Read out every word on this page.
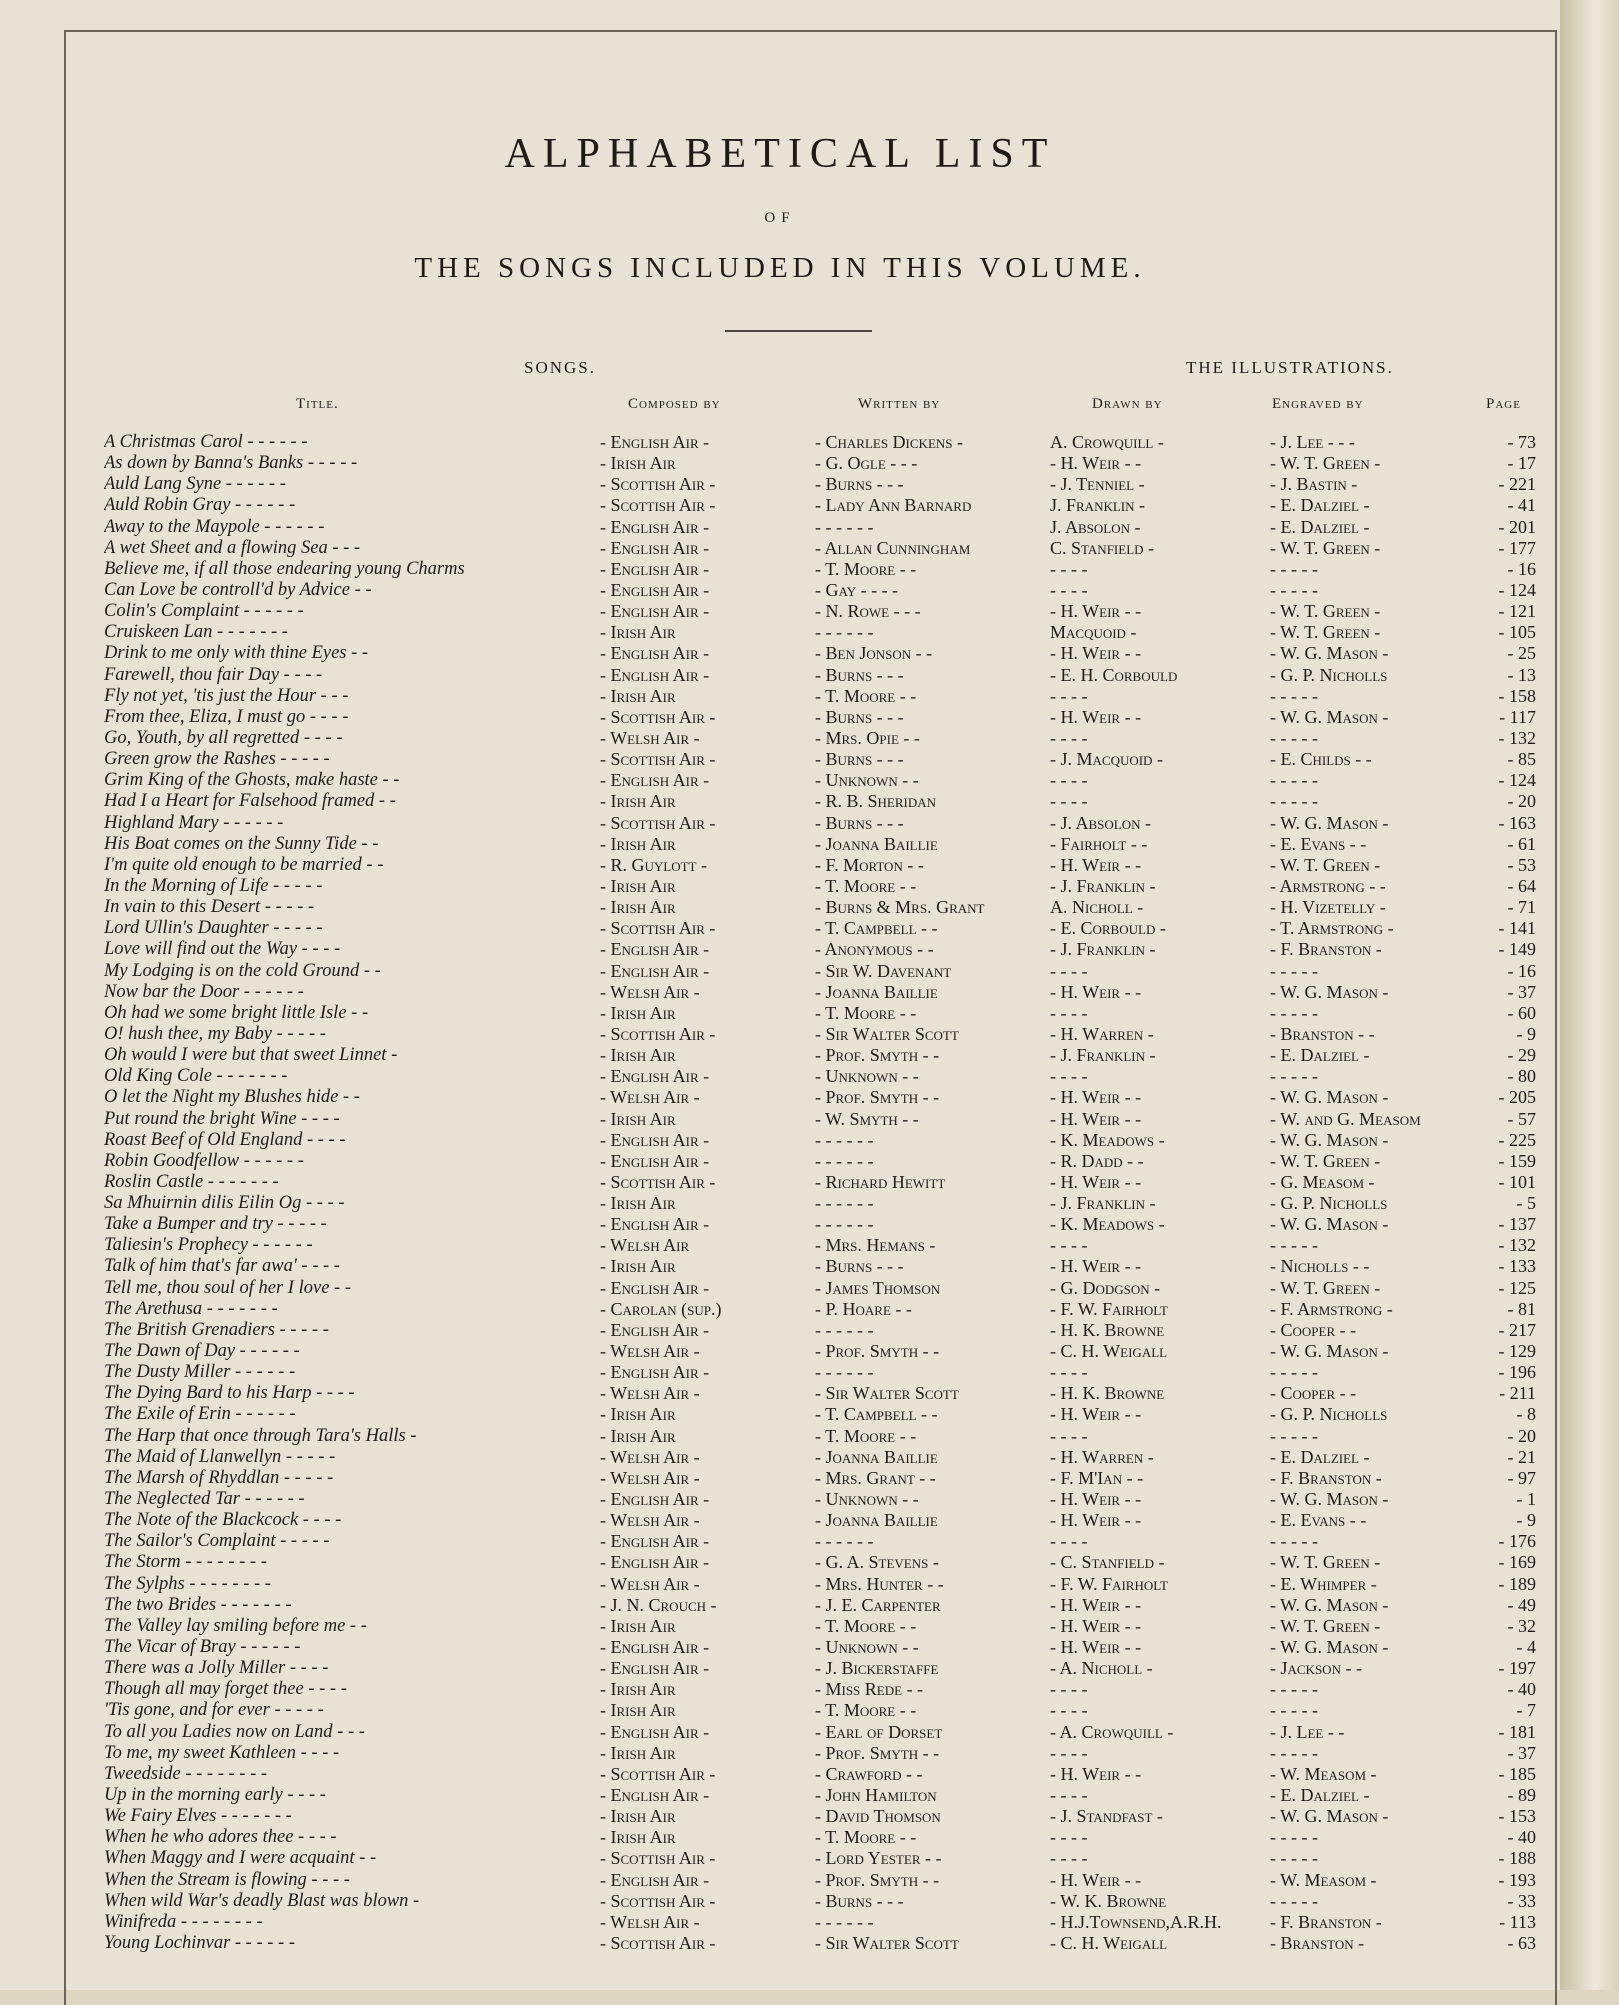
ALPHABETICAL LIST
OF
THE SONGS INCLUDED IN THIS VOLUME.
SONGS.	THE ILLUSTRATIONS.
Title.	Composed by	Written by	Drawn by	Engraved by	Page
A Christmas Carol - - - - - -	- English Air -	- Charles Dickens -	A. Crowquill -	- J. Lee - - -	- 73
As down by Banna's Banks - - - - -	- Irish Air	- G. Ogle - - -	- H. Weir - -	- W. T. Green -	- 17
Auld Lang Syne - - - - - -	- Scottish Air -	- Burns - - -	- J. Tenniel -	- J. Bastin -	- 221
Auld Robin Gray - - - - - -	- Scottish Air -	- Lady Ann Barnard	J. Franklin -	- E. Dalziel -	- 41
Away to the Maypole - - - - - -	- English Air -	- - - - - -	J. Absolon -	- E. Dalziel -	- 201
A wet Sheet and a flowing Sea - - -	- English Air -	- Allan Cunningham	C. Stanfield -	- W. T. Green -	- 177
Believe me, if all those endearing young Charms	- English Air -	- T. Moore - -	- - - -	- - - - -	- 16
Can Love be controll'd by Advice - -	- English Air -	- Gay - - - -	- - - -	- - - - -	- 124
Colin's Complaint - - - - - -	- English Air -	- N. Rowe - - -	- H. Weir - -	- W. T. Green -	- 121
Cruiskeen Lan - - - - - - -	- Irish Air	- - - - - -	Macquoid -	- W. T. Green -	- 105
Drink to me only with thine Eyes - -	- English Air -	- Ben Jonson - -	- H. Weir - -	- W. G. Mason -	- 25
Farewell, thou fair Day - - - -	- English Air -	- Burns - - -	- E. H. Corbould	- G. P. Nicholls	- 13
Fly not yet, 'tis just the Hour - - -	- Irish Air	- T. Moore - -	- - - -	- - - - -	- 158
From thee, Eliza, I must go - - - -	- Scottish Air -	- Burns - - -	- H. Weir - -	- W. G. Mason -	- 117
Go, Youth, by all regretted - - - -	- Welsh Air -	- Mrs. Opie - -	- - - -	- - - - -	- 132
Green grow the Rashes - - - - -	- Scottish Air -	- Burns - - -	- J. Macquoid -	- E. Childs - -	- 85
Grim King of the Ghosts, make haste - -	- English Air -	- Unknown - -	- - - -	- - - - -	- 124
Had I a Heart for Falsehood framed - -	- Irish Air	- R. B. Sheridan	- - - -	- - - - -	- 20
Highland Mary - - - - - -	- Scottish Air -	- Burns - - -	- J. Absolon -	- W. G. Mason -	- 163
His Boat comes on the Sunny Tide - -	- Irish Air	- Joanna Baillie	- Fairholt - -	- E. Evans - -	- 61
I'm quite old enough to be married - -	- R. Guylott -	- F. Morton - -	- H. Weir - -	- W. T. Green -	- 53
In the Morning of Life - - - - -	- Irish Air	- T. Moore - -	- J. Franklin -	- Armstrong - -	- 64
In vain to this Desert - - - - -	- Irish Air	- Burns & Mrs. Grant	A. Nicholl -	- H. Vizetelly -	- 71
Lord Ullin's Daughter - - - - -	- Scottish Air -	- T. Campbell - -	- E. Corbould -	- T. Armstrong -	- 141
Love will find out the Way - - - -	- English Air -	- Anonymous - -	- J. Franklin -	- F. Branston -	- 149
My Lodging is on the cold Ground - -	- English Air -	- Sir W. Davenant	- - - -	- - - - -	- 16
Now bar the Door - - - - - -	- Welsh Air -	- Joanna Baillie	- H. Weir - -	- W. G. Mason -	- 37
Oh had we some bright little Isle - -	- Irish Air	- T. Moore - -	- - - -	- - - - -	- 60
O! hush thee, my Baby - - - - -	- Scottish Air -	- Sir Walter Scott	- H. Warren -	- Branston - -	- 9
Oh would I were but that sweet Linnet -	- Irish Air	- Prof. Smyth - -	- J. Franklin -	- E. Dalziel -	- 29
Old King Cole - - - - - - -	- English Air -	- Unknown - -	- - - -	- - - - -	- 80
O let the Night my Blushes hide - -	- Welsh Air -	- Prof. Smyth - -	- H. Weir - -	- W. G. Mason -	- 205
Put round the bright Wine - - - -	- Irish Air	- W. Smyth - -	- H. Weir - -	- W. and G. Measom	- 57
Roast Beef of Old England - - - -	- English Air -	- - - - - -	- K. Meadows -	- W. G. Mason -	- 225
Robin Goodfellow - - - - - -	- English Air -	- - - - - -	- R. Dadd - -	- W. T. Green -	- 159
Roslin Castle - - - - - - -	- Scottish Air -	- Richard Hewitt	- H. Weir - -	- G. Measom -	- 101
Sa Mhuirnin dilis Eilin Og - - - -	- Irish Air	- - - - - -	- J. Franklin -	- G. P. Nicholls	- 5
Take a Bumper and try - - - - -	- English Air -	- - - - - -	- K. Meadows -	- W. G. Mason -	- 137
Taliesin's Prophecy - - - - - -	- Welsh Air	- Mrs. Hemans -	- - - -	- - - - -	- 132
Talk of him that's far awa' - - - -	- Irish Air	- Burns - - -	- H. Weir - -	- Nicholls - -	- 133
Tell me, thou soul of her I love - -	- English Air -	- James Thomson	- G. Dodgson -	- W. T. Green -	- 125
The Arethusa - - - - - - -	- Carolan (sup.)	- P. Hoare - -	- F. W. Fairholt	- F. Armstrong -	- 81
The British Grenadiers - - - - -	- English Air -	- - - - - -	- H. K. Browne	- Cooper - -	- 217
The Dawn of Day - - - - - -	- Welsh Air -	- Prof. Smyth - -	- C. H. Weigall	- W. G. Mason -	- 129
The Dusty Miller - - - - - -	- English Air -	- - - - - -	- - - -	- - - - -	- 196
The Dying Bard to his Harp - - - -	- Welsh Air -	- Sir Walter Scott	- H. K. Browne	- Cooper - -	- 211
The Exile of Erin - - - - - -	- Irish Air	- T. Campbell - -	- H. Weir - -	- G. P. Nicholls	- 8
The Harp that once through Tara's Halls -	- Irish Air	- T. Moore - -	- - - -	- - - - -	- 20
The Maid of Llanwellyn - - - - -	- Welsh Air -	- Joanna Baillie	- H. Warren -	- E. Dalziel -	- 21
The Marsh of Rhyddlan - - - - -	- Welsh Air -	- Mrs. Grant - -	- F. M'Ian - -	- F. Branston -	- 97
The Neglected Tar - - - - - -	- English Air -	- Unknown - -	- H. Weir - -	- W. G. Mason -	- 1
The Note of the Blackcock - - - -	- Welsh Air -	- Joanna Baillie	- H. Weir - -	- E. Evans - -	- 9
The Sailor's Complaint - - - - -	- English Air -	- - - - - -	- - - -	- - - - -	- 176
The Storm - - - - - - - -	- English Air -	- G. A. Stevens -	- C. Stanfield -	- W. T. Green -	- 169
The Sylphs - - - - - - - -	- Welsh Air -	- Mrs. Hunter - -	- F. W. Fairholt	- E. Whimper -	- 189
The two Brides - - - - - - -	- J. N. Crouch -	- J. E. Carpenter	- H. Weir - -	- W. G. Mason -	- 49
The Valley lay smiling before me - -	- Irish Air	- T. Moore - -	- H. Weir - -	- W. T. Green -	- 32
The Vicar of Bray - - - - - -	- English Air -	- Unknown - -	- H. Weir - -	- W. G. Mason -	- 4
There was a Jolly Miller - - - -	- English Air -	- J. Bickerstaffe	- A. Nicholl -	- Jackson - -	- 197
Though all may forget thee - - - -	- Irish Air	- Miss Rede - -	- - - -	- - - - -	- 40
'Tis gone, and for ever - - - - -	- Irish Air	- T. Moore - -	- - - -	- - - - -	- 7
To all you Ladies now on Land - - -	- English Air -	- Earl of Dorset	- A. Crowquill -	- J. Lee - -	- 181
To me, my sweet Kathleen - - - -	- Irish Air	- Prof. Smyth - -	- - - -	- - - - -	- 37
Tweedside - - - - - - - -	- Scottish Air -	- Crawford - -	- H. Weir - -	- W. Measom -	- 185
Up in the morning early - - - -	- English Air -	- John Hamilton	- - - -	- E. Dalziel -	- 89
We Fairy Elves - - - - - - -	- Irish Air	- David Thomson	- J. Standfast -	- W. G. Mason -	- 153
When he who adores thee - - - -	- Irish Air	- T. Moore - -	- - - -	- - - - -	- 40
When Maggy and I were acquaint - -	- Scottish Air -	- Lord Yester - -	- - - -	- - - - -	- 188
When the Stream is flowing - - - -	- English Air -	- Prof. Smyth - -	- H. Weir - -	- W. Measom -	- 193
When wild War's deadly Blast was blown -	- Scottish Air -	- Burns - - -	- W. K. Browne	- - - - -	- 33
Winifreda - - - - - - - -	- Welsh Air -	- - - - - -	- H.J.Townsend,A.R.H.	- F. Branston -	- 113
Young Lochinvar - - - - - -	- Scottish Air -	- Sir Walter Scott	- C. H. Weigall	- Branston -	- 63
